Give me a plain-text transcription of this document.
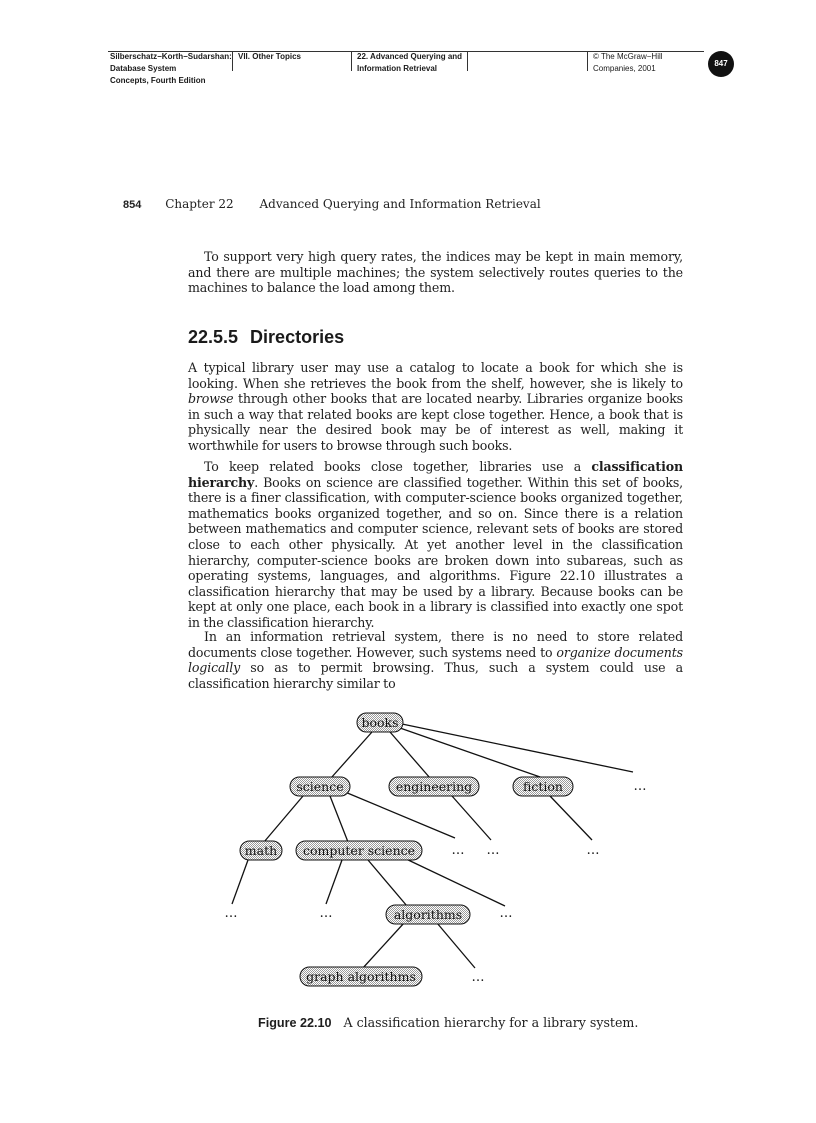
Silberschatz−Korth−Sudarshan:
Database System
Concepts, Fourth Edition
VII. Other Topics	22. Advanced Querying and
Information Retrieval
© The McGraw−Hill
Companies, 2001
847
854 Chapter 22 Advanced Querying and Information Retrieval

To support very high query rates, the indices may be kept in main memory, and there are multiple machines; the system selectively routes queries to the machines to balance the load among them.

22.5.5 Directories

A typical library user may use a catalog to locate a book for which she is looking. When she retrieves the book from the shelf, however, she is likely to browse through other books that are located nearby. Libraries organize books in such a way that related books are kept close together. Hence, a book that is physically near the desired book may be of interest as well, making it worthwhile for users to browse through such books.

To keep related books close together, libraries use a classification hierarchy. Books on science are classified together. Within this set of books, there is a finer classification, with computer-science books organized together, mathematics books organized together, and so on. Since there is a relation between mathematics and computer science, relevant sets of books are stored close to each other physically. At yet another level in the classification hierarchy, computer-science books are broken down into subareas, such as operating systems, languages, and algorithms. Figure 22.10 illustrates a classification hierarchy that may be used by a library. Because books can be kept at only one place, each book in a library is classified into exactly one spot in the classification hierarchy.

In an information retrieval system, there is no need to store related documents close together. However, such systems need to organize documents logically so as to permit browsing. Thus, such a system could use a classification hierarchy similar to

books
science	engineering	fiction
math computer science
algorithms
graph algorithms
…
… …	…
…	…	…
…
Figure 22.10 A classification hierarchy for a library system.
